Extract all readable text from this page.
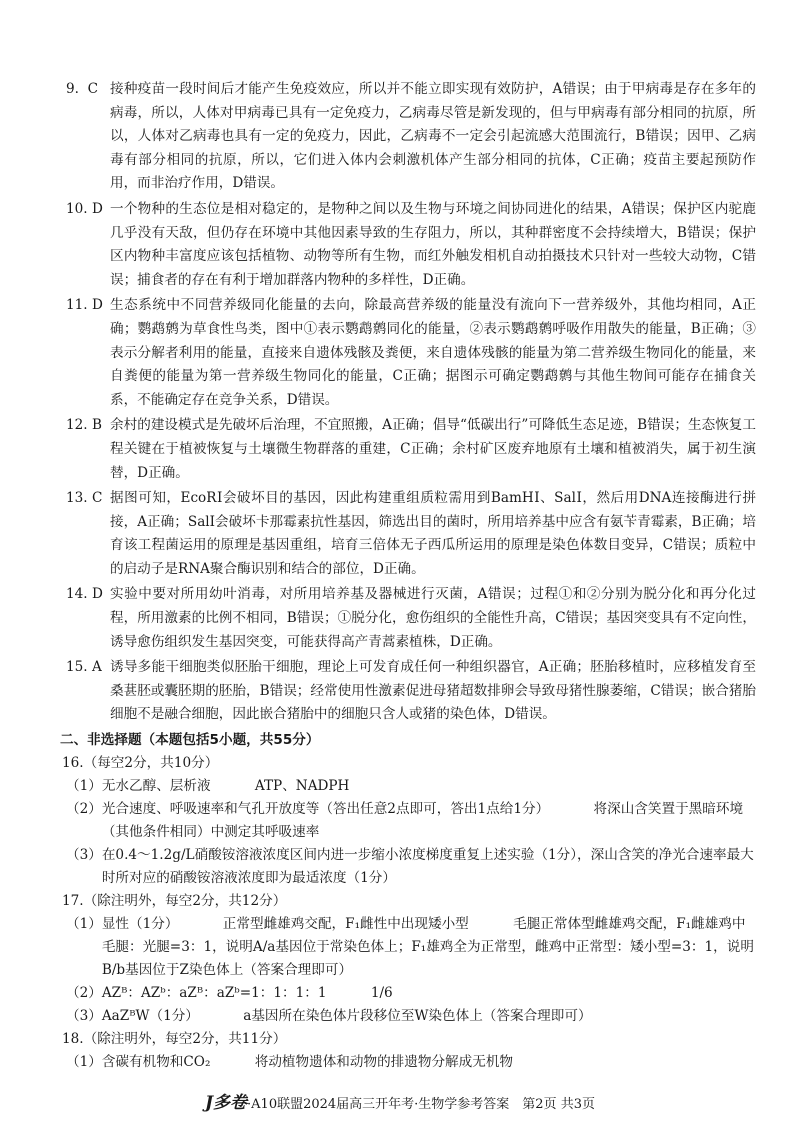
9.  C 接种疫苗一段时间后才能产生免疫效应，所以并不能立即实现有效防护，A错误；由于甲病毒是存在多年的病毒，所以，人体对甲病毒已具有一定免疫力，乙病毒尽管是新发现的，但与甲病毒有部分相同的抗原，所以，人体对乙病毒也具有一定的免疫力，因此，乙病毒不一定会引起流感大范围流行，B错误；因甲、乙病毒有部分相同的抗原，所以，它们进入体内会刺激机体产生部分相同的抗体，C正确；疫苗主要起预防作用，而非治疗作用，D错误。
10. D 一个物种的生态位是相对稳定的，是物种之间以及生物与环境之间协同进化的结果，A错误；保护区内驼鹿几乎没有天敌，但仍存在环境中其他因素导致的生存阻力，所以，其种群密度不会持续增大，B错误；保护区内物种丰富度应该包括植物、动物等所有生物，而红外触发相机自动拍摄技术只针对一些较大动物，C错误；捕食者的存在有利于增加群落内物种的多样性，D正确。
11. D 生态系统中不同营养级同化能量的去向，除最高营养级的能量没有流向下一营养级外，其他均相同，A正确；鹦鹉鹩为草食性鸟类，图中①表示鹦鹉鹩同化的能量，②表示鹦鹉鹩呼吸作用散失的能量，B正确；③表示分解者利用的能量，直接来自遗体残骸及粪便，来自遗体残骸的能量为第二营养级生物同化的能量，来自粪便的能量为第一营养级生物同化的能量，C正确；据图示可确定鹦鹉鹩与其他生物间可能存在捕食关系，不能确定存在竞争关系，D错误。
12. B 余村的建设模式是先破坏后治理，不宜照搬，A正确；倡导“低碳出行”可降低生态足迹，B错误；生态恢复工程关键在于植被恢复与土壤微生物群落的重建，C正确；余村矿区废弃地原有土壤和植被消失，属于初生演替，D正确。
13. C 据图可知，EcoRⅠ会破坏目的基因，因此构建重组质粒需用到BamHⅠ、SalⅠ，然后用DNA连接酶进行拼接，A正确；SalⅠ会破坏卡那霉素抗性基因，筛选出目的菌时，所用培养基中应含有氨苄青霉素，B正确；培育该工程菌运用的原理是基因重组，培育三倍体无子西瓜所运用的原理是染色体数目变异，C错误；质粒中的启动子是RNA聚合酶识别和结合的部位，D正确。
14. D 实验中要对所用幼叶消毒，对所用培养基及器械进行灭菌，A错误；过程①和②分别为脱分化和再分化过程，所用激素的比例不相同，B错误；①脱分化，愈伤组织的全能性升高，C错误；基因突变具有不定向性，诱导愈伤组织发生基因突变，可能获得高产青蒿素植株，D正确。
15. A 诱导多能干细胞类似胚胎干细胞，理论上可发育成任何一种组织器官，A正确；胚胎移植时，应移植发育至桑葚胚或囊胚期的胚胎，B错误；经常使用性激素促进母猪超数排卵会导致母猪性腺萎缩，C错误；嵌合猪胎细胞不是融合细胞，因此嵌合猪胎中的细胞只含人或猪的染色体，D错误。
二、非选择题（本题包括5小题，共55分）
16.（每空2分，共10分）
（1） 无水乙醇、层析液	ATP、NADPH
（2） 光合速度、呼吸速率和气孔开放度等（答出任意2点即可，答出1点给1分）	将深山含笑置于黑暗环境（其他条件相同）中测定其呼吸速率
（3） 在0.4～1.2g/L硝酸铵溶液浓度区间内进一步缩小浓度梯度重复上述实验（1分），深山含笑的净光合速率最大时所对应的硝酸铵溶液浓度即为最适浓度（1分）
17.（除注明外，每空2分，共12分）
（1） 显性（1分）	正常型雌雄鸡交配，F₁雌性中出现矮小型	毛腿正常体型雌雄鸡交配，F₁雌雄鸡中毛腿：光腿=3：1，说明A/a基因位于常染色体上；F₁雄鸡全为正常型，雌鸡中正常型：矮小型=3：1，说明B/b基因位于Z染色体上（答案合理即可）
（2） AZᴮ：AZᵇ：aZᴮ：aZᵇ=1：1：1：1	1/6
（3） AaZᴮW（1分）	a基因所在染色体片段移位至W染色体上（答案合理即可）
18.（除注明外，每空2分，共11分）
（1） 含碳有机物和CO₂	将动植物遗体和动物的排遗物分解成无机物
J多卷·A10联盟2024届高三开年考·生物学参考答案　第2页 共3页
